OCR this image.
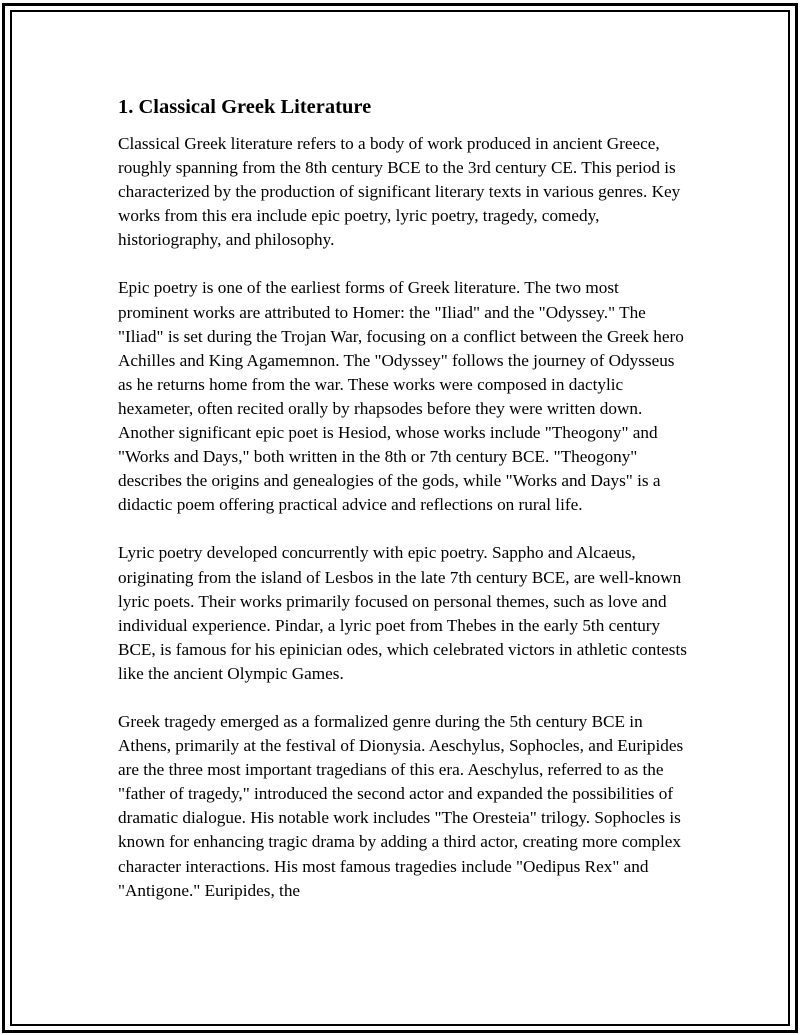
1. Classical Greek Literature

Classical Greek literature refers to a body of work produced in ancient Greece, roughly spanning from the 8th century BCE to the 3rd century CE. This period is characterized by the production of significant literary texts in various genres. Key works from this era include epic poetry, lyric poetry, tragedy, comedy, historiography, and philosophy.

Epic poetry is one of the earliest forms of Greek literature. The two most prominent works are attributed to Homer: the "Iliad" and the "Odyssey." The "Iliad" is set during the Trojan War, focusing on a conflict between the Greek hero Achilles and King Agamemnon. The "Odyssey" follows the journey of Odysseus as he returns home from the war. These works were composed in dactylic hexameter, often recited orally by rhapsodes before they were written down. Another significant epic poet is Hesiod, whose works include "Theogony" and "Works and Days," both written in the 8th or 7th century BCE. "Theogony" describes the origins and genealogies of the gods, while "Works and Days" is a didactic poem offering practical advice and reflections on rural life.

Lyric poetry developed concurrently with epic poetry. Sappho and Alcaeus, originating from the island of Lesbos in the late 7th century BCE, are well-known lyric poets. Their works primarily focused on personal themes, such as love and individual experience. Pindar, a lyric poet from Thebes in the early 5th century BCE, is famous for his epinician odes, which celebrated victors in athletic contests like the ancient Olympic Games.

Greek tragedy emerged as a formalized genre during the 5th century BCE in Athens, primarily at the festival of Dionysia. Aeschylus, Sophocles, and Euripides are the three most important tragedians of this era. Aeschylus, referred to as the "father of tragedy," introduced the second actor and expanded the possibilities of dramatic dialogue. His notable work includes "The Oresteia" trilogy. Sophocles is known for enhancing tragic drama by adding a third actor, creating more complex character interactions. His most famous tragedies include "Oedipus Rex" and "Antigone." Euripides, the
